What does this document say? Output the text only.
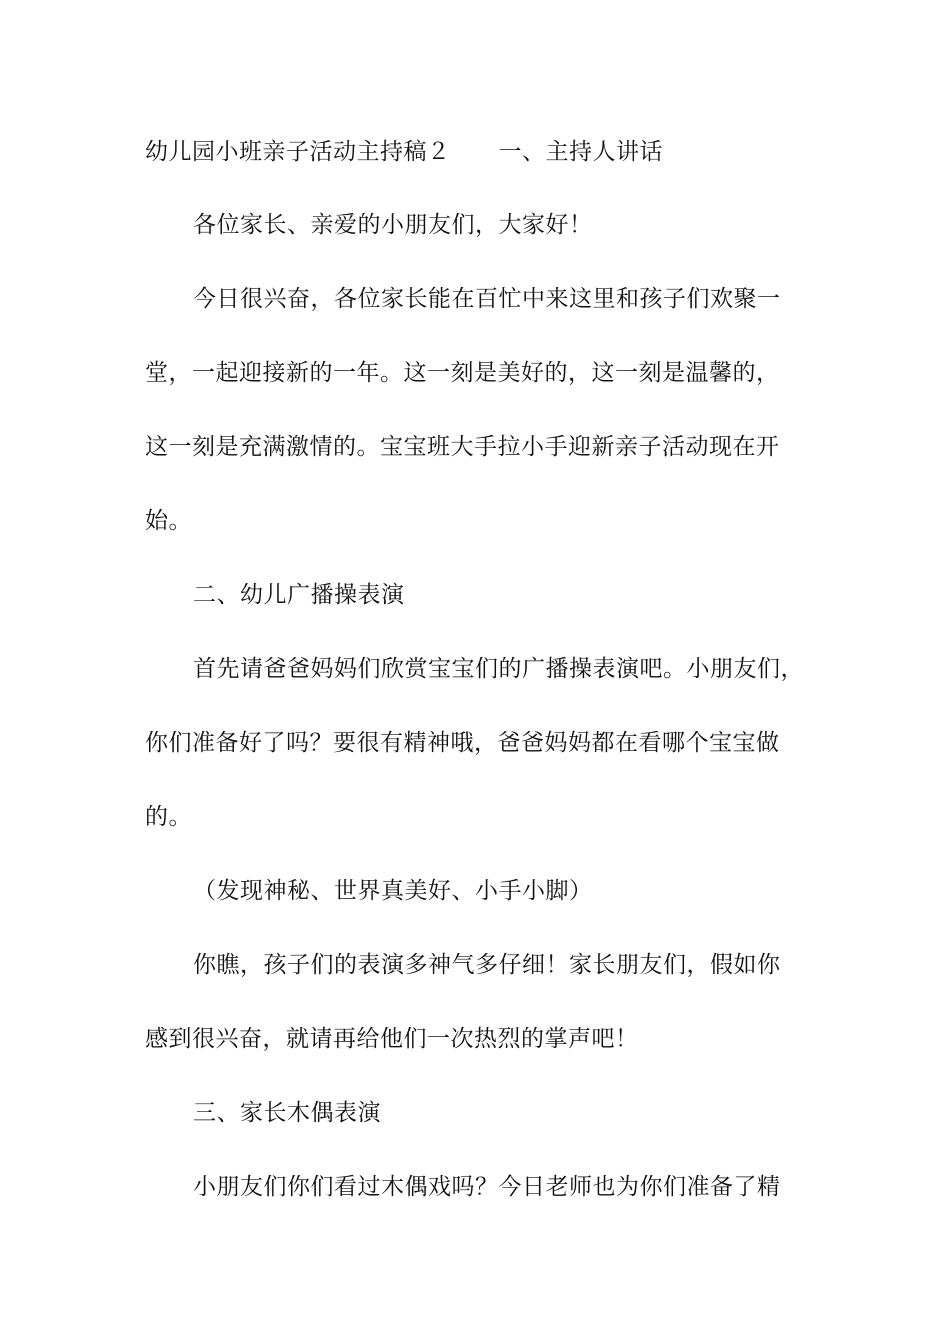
幼儿园小班亲子活动主持稿２ 一、主持人讲话
各位家长、亲爱的小朋友们，大家好！
今日很兴奋，各位家长能在百忙中来这里和孩子们欢聚一
堂，一起迎接新的一年。这一刻是美好的，这一刻是温馨的，
这一刻是充满激情的。宝宝班大手拉小手迎新亲子活动现在开
始。
二、幼儿广播操表演
首先请爸爸妈妈们欣赏宝宝们的广播操表演吧。小朋友们，
你们准备好了吗？要很有精神哦，爸爸妈妈都在看哪个宝宝做
的。
（发现神秘、世界真美好、小手小脚）
你瞧，孩子们的表演多神气多仔细！家长朋友们，假如你
感到很兴奋，就请再给他们一次热烈的掌声吧！
三、家长木偶表演
小朋友们你们看过木偶戏吗？今日老师也为你们准备了精
